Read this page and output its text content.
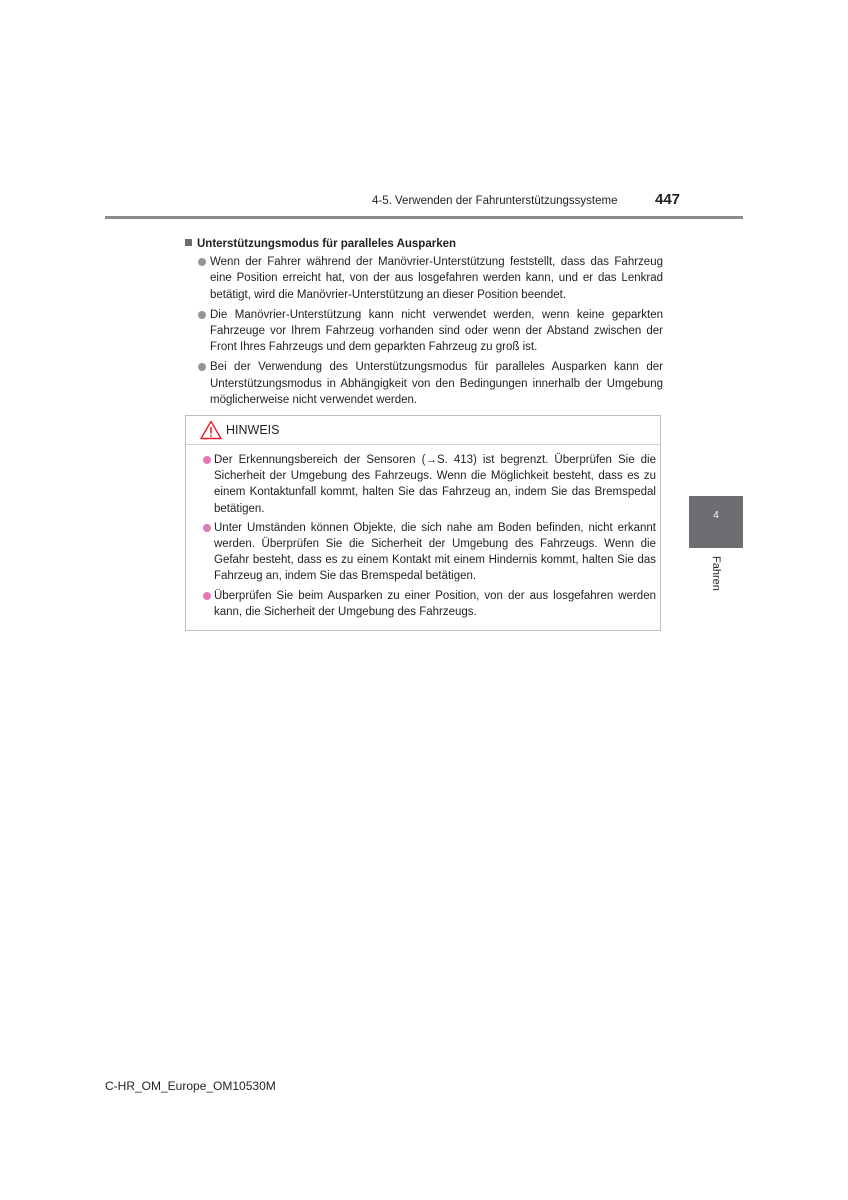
4-5. Verwenden der Fahrunterstützungssysteme	447
Unterstützungsmodus für paralleles Ausparken
Wenn der Fahrer während der Manövrier-Unterstützung feststellt, dass das Fahrzeug eine Position erreicht hat, von der aus losgefahren werden kann, und er das Lenkrad betätigt, wird die Manövrier-Unterstützung an dieser Position beendet.
Die Manövrier-Unterstützung kann nicht verwendet werden, wenn keine geparkten Fahrzeuge vor Ihrem Fahrzeug vorhanden sind oder wenn der Abstand zwischen der Front Ihres Fahrzeugs und dem geparkten Fahrzeug zu groß ist.
Bei der Verwendung des Unterstützungsmodus für paralleles Ausparken kann der Unterstützungsmodus in Abhängigkeit von den Bedingungen innerhalb der Umgebung möglicherweise nicht verwendet werden.
HINWEIS
Der Erkennungsbereich der Sensoren (→S. 413) ist begrenzt. Überprüfen Sie die Sicherheit der Umgebung des Fahrzeugs. Wenn die Möglichkeit besteht, dass es zu einem Kontaktunfall kommt, halten Sie das Fahrzeug an, indem Sie das Bremspedal betätigen.
Unter Umständen können Objekte, die sich nahe am Boden befinden, nicht erkannt werden. Überprüfen Sie die Sicherheit der Umgebung des Fahrzeugs. Wenn die Gefahr besteht, dass es zu einem Kontakt mit einem Hindernis kommt, halten Sie das Fahrzeug an, indem Sie das Bremspedal betätigen.
Überprüfen Sie beim Ausparken zu einer Position, von der aus losgefahren werden kann, die Sicherheit der Umgebung des Fahrzeugs.
4
Fahren
C-HR_OM_Europe_OM10530M
